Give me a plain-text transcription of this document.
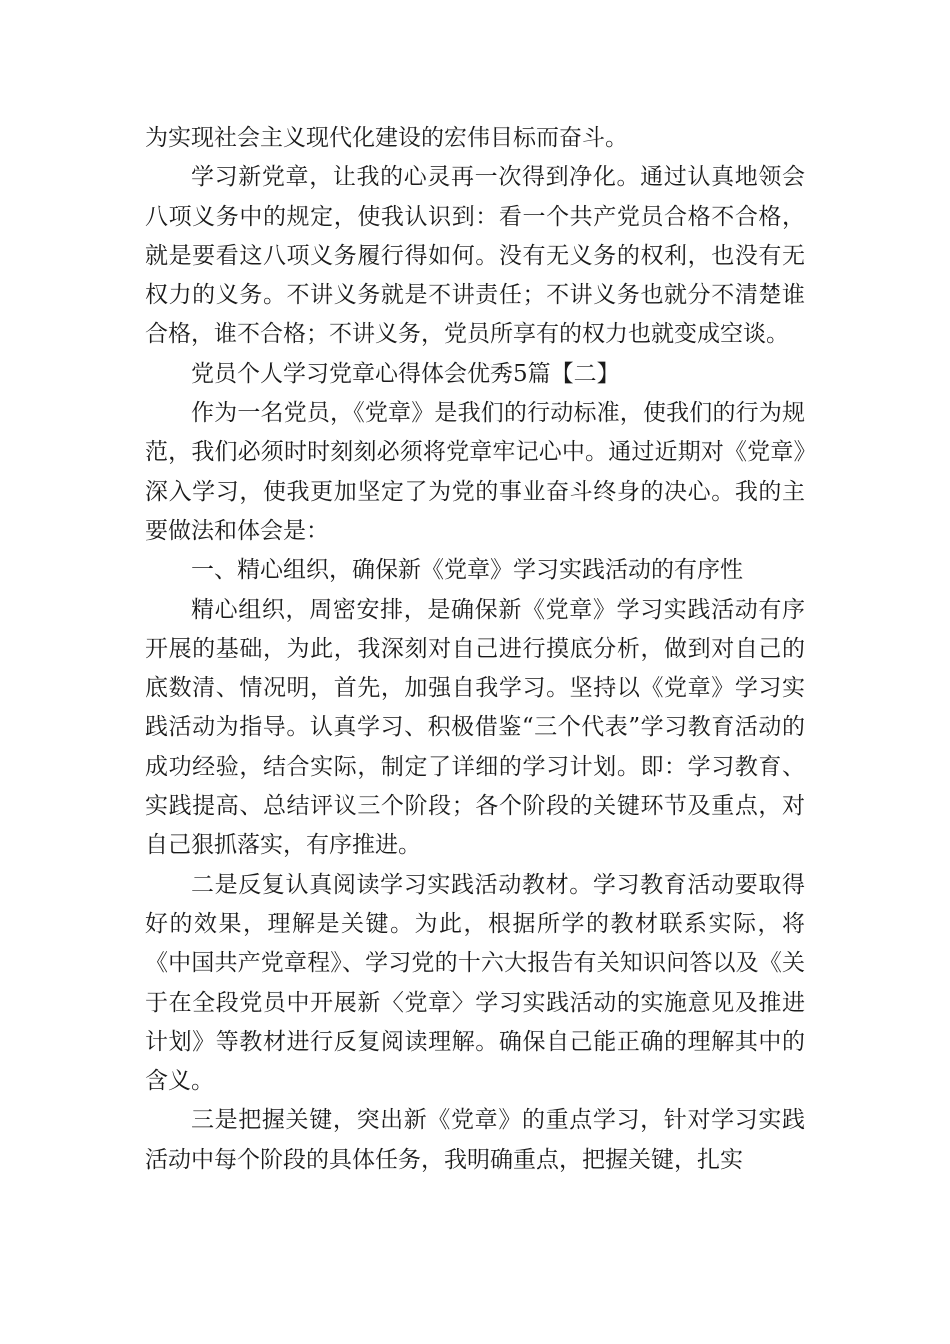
为实现社会主义现代化建设的宏伟目标而奋斗。

学习新党章，让我的心灵再一次得到净化。通过认真地领会八项义务中的规定，使我认识到：看一个共产党员合格不合格，就是要看这八项义务履行得如何。没有无义务的权利，也没有无权力的义务。不讲义务就是不讲责任；不讲义务也就分不清楚谁合格，谁不合格；不讲义务，党员所享有的权力也就变成空谈。

党员个人学习党章心得体会优秀5篇【二】

作为一名党员，《党章》是我们的行动标准，使我们的行为规范，我们必须时时刻刻必须将党章牢记心中。通过近期对《党章》深入学习，使我更加坚定了为党的事业奋斗终身的决心。我的主要做法和体会是：

一、精心组织，确保新《党章》学习实践活动的有序性

精心组织，周密安排，是确保新《党章》学习实践活动有序开展的基础，为此，我深刻对自己进行摸底分析，做到对自己的底数清、情况明，首先，加强自我学习。坚持以《党章》学习实践活动为指导。认真学习、积极借鉴“三个代表”学习教育活动的成功经验，结合实际，制定了详细的学习计划。即：学习教育、实践提高、总结评议三个阶段；各个阶段的关键环节及重点，对自己狠抓落实，有序推进。

二是反复认真阅读学习实践活动教材。学习教育活动要取得好的效果，理解是关键。为此，根据所学的教材联系实际，将《中国共产党章程》、学习党的十六大报告有关知识问答以及《关于在全段党员中开展新〈党章〉学习实践活动的实施意见及推进计划》等教材进行反复阅读理解。确保自己能正确的理解其中的含义。

三是把握关键，突出新《党章》的重点学习，针对学习实践活动中每个阶段的具体任务，我明确重点，把握关键，扎实
